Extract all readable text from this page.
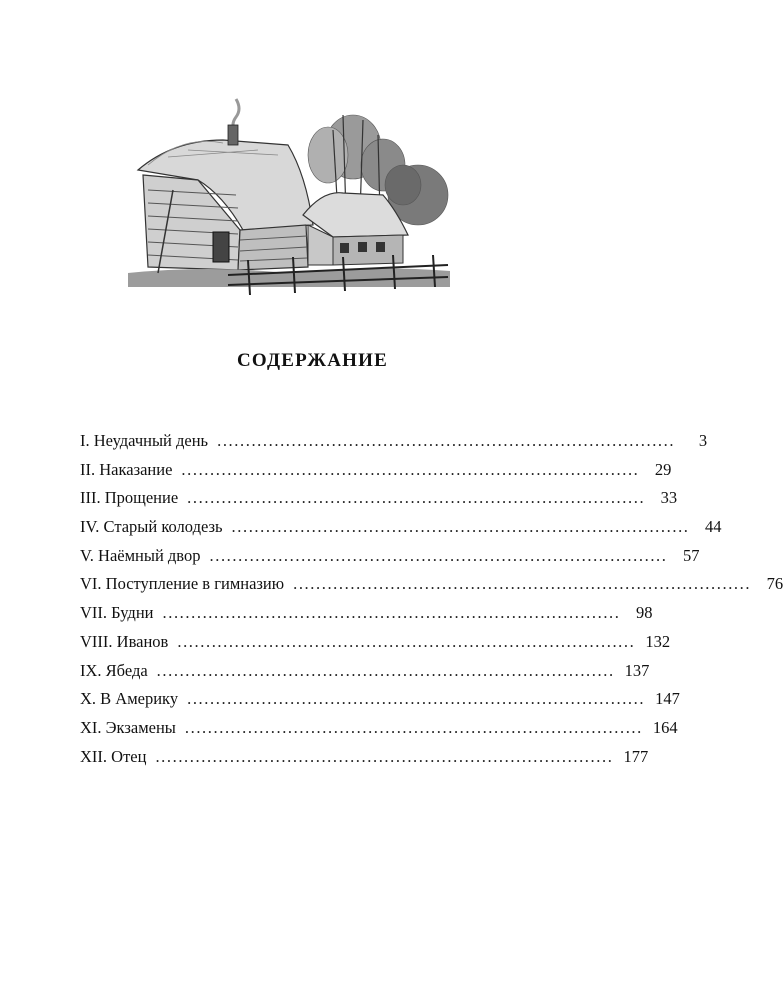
СОДЕРЖАНИЕ
I. Неудачный день ................................................................................	3
II. Наказание ................................................................................ 29
III. Прощение ................................................................................ 33
IV. Старый колодезь ................................................................................ 44
V. Наёмный двор ................................................................................ 57
VI. Поступление в гимназию ................................................................................ 76
VII. Будни ................................................................................ 98
VIII. Иванов ................................................................................ 132
IX. Ябеда ................................................................................ 137
X. В Америку ................................................................................ 147
XI. Экзамены ................................................................................ 164
XII. Отец ................................................................................ 177
